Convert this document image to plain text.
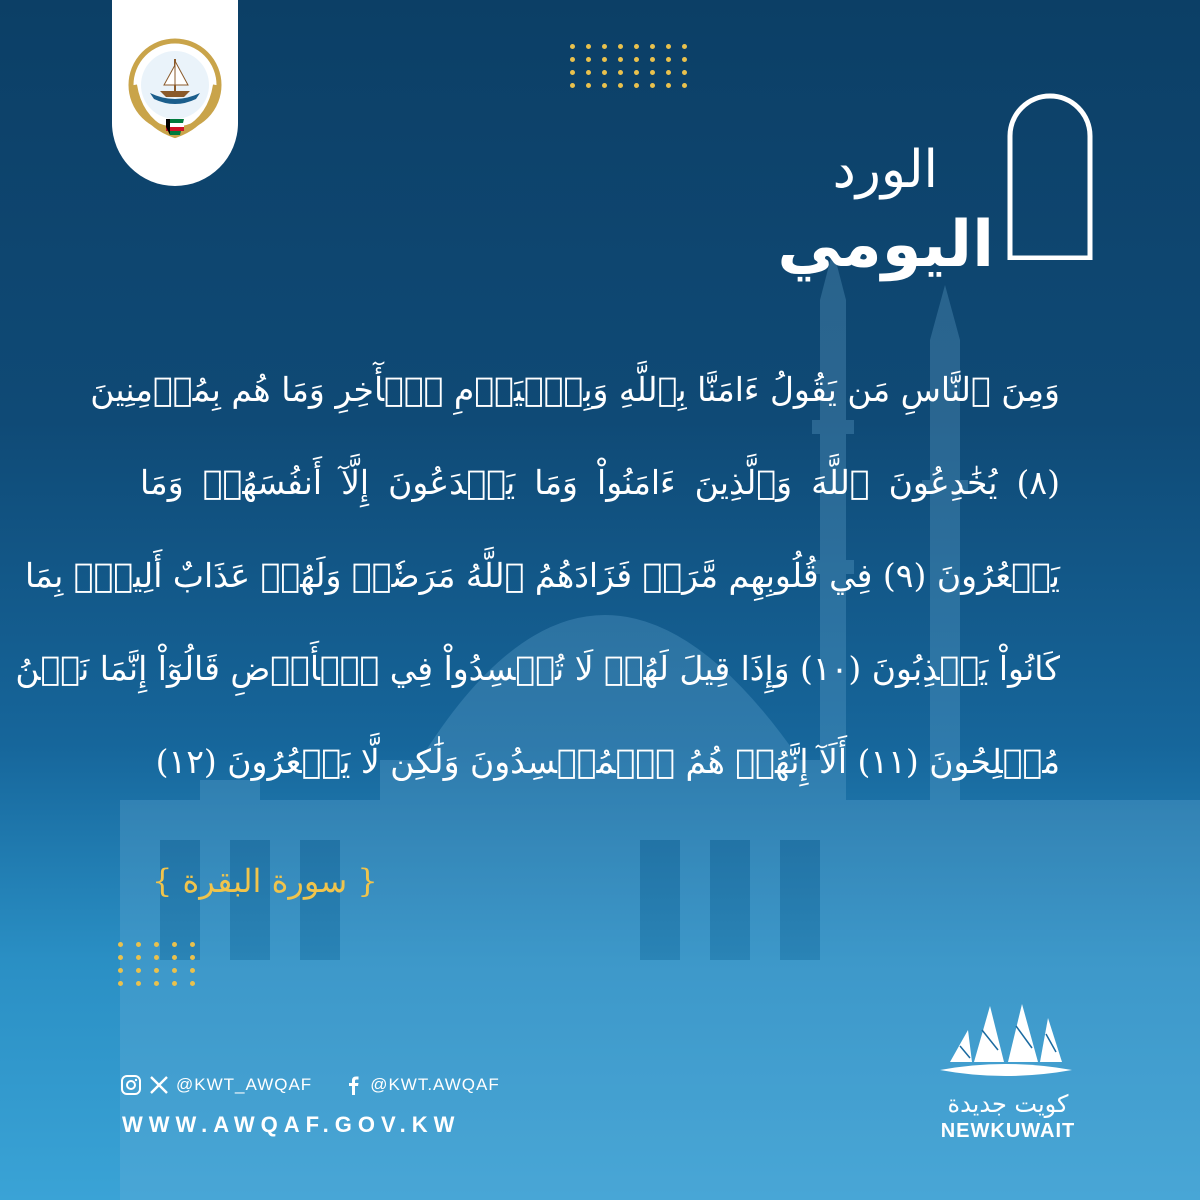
الورد
اليومي
وَمِنَ ٱلنَّاسِ مَن يَقُولُ ءَامَنَّا بِٱللَّهِ وَبِٱلۡيَوۡمِ ٱلۡأٓخِرِ وَمَا هُم بِمُؤۡمِنِينَ
(٨) يُخَٰدِعُونَ ٱللَّهَ وَٱلَّذِينَ ءَامَنُواْ وَمَا يَخۡدَعُونَ إِلَّآ أَنفُسَهُمۡ وَمَا
يَشۡعُرُونَ (٩) فِي قُلُوبِهِم مَّرَضٞ فَزَادَهُمُ ٱللَّهُ مَرَضٗاۖ وَلَهُمۡ عَذَابٌ أَلِيمُۢ بِمَا
كَانُواْ يَكۡذِبُونَ (١٠) وَإِذَا قِيلَ لَهُمۡ لَا تُفۡسِدُواْ فِي ٱلۡأَرۡضِ قَالُوٓاْ إِنَّمَا نَحۡنُ
مُصۡلِحُونَ (١١) أَلَآ إِنَّهُمۡ هُمُ ٱلۡمُفۡسِدُونَ وَلَٰكِن لَّا يَشۡعُرُونَ (١٢)
{ سورة البقرة }
@KWT_AWQAF	@KWT.AWQAF
WWW.AWQAF.GOV.KW
كويت جديدة
NEWKUWAIT
